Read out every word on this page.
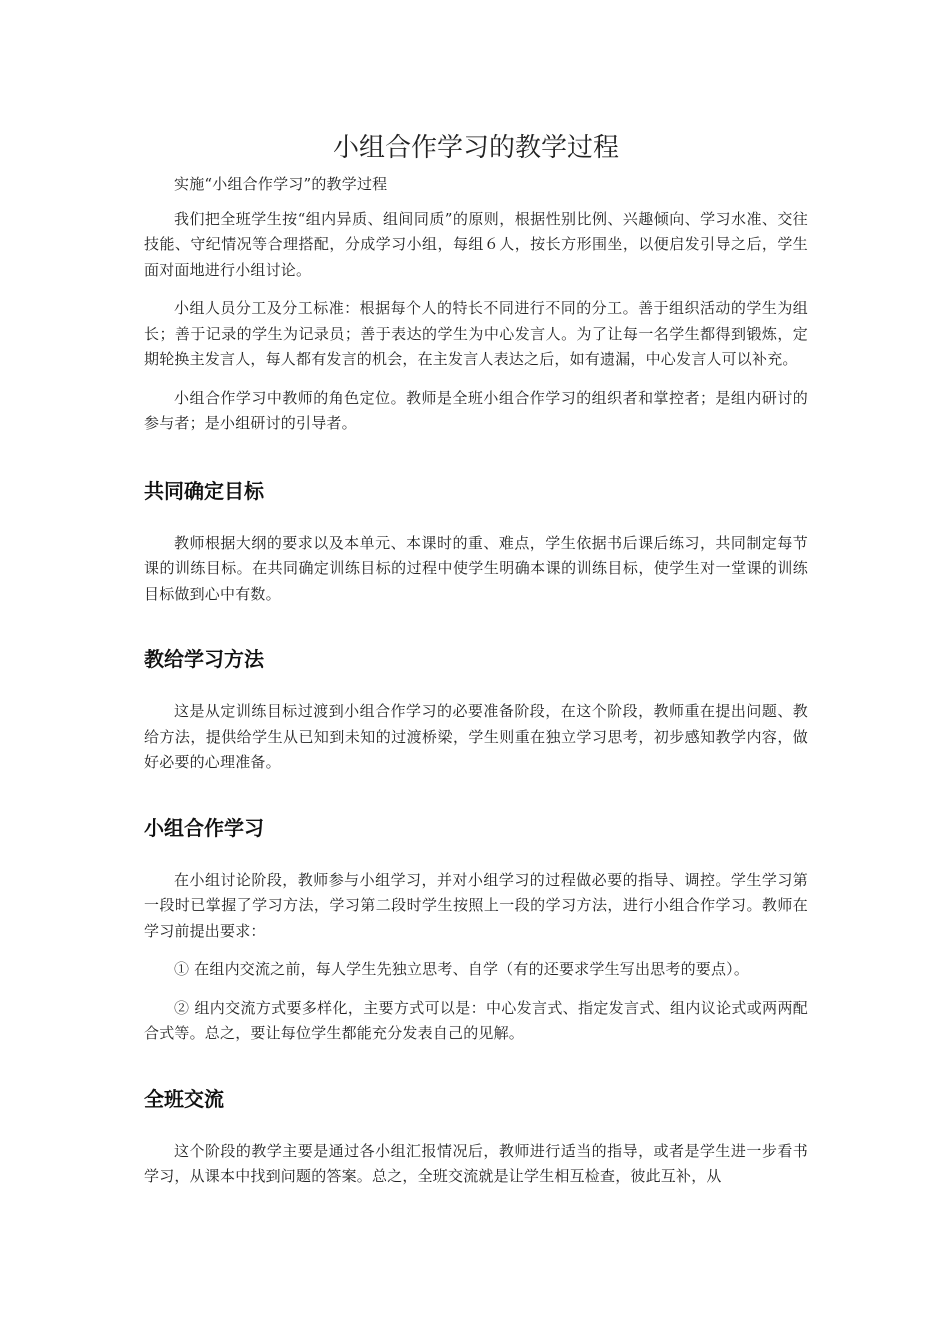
小组合作学习的教学过程

实施“小组合作学习”的教学过程

我们把全班学生按“组内异质、组间同质”的原则，根据性别比例、兴趣倾向、学习水准、交往技能、守纪情况等合理搭配，分成学习小组，每组６人，按长方形围坐，以便启发引导之后，学生面对面地进行小组讨论。

小组人员分工及分工标准：根据每个人的特长不同进行不同的分工。善于组织活动的学生为组长；善于记录的学生为记录员；善于表达的学生为中心发言人。为了让每一名学生都得到锻炼，定期轮换主发言人，每人都有发言的机会，在主发言人表达之后，如有遗漏，中心发言人可以补充。

小组合作学习中教师的角色定位。教师是全班小组合作学习的组织者和掌控者；是组内研讨的参与者；是小组研讨的引导者。

共同确定目标

教师根据大纲的要求以及本单元、本课时的重、难点，学生依据书后课后练习，共同制定每节课的训练目标。在共同确定训练目标的过程中使学生明确本课的训练目标，使学生对一堂课的训练目标做到心中有数。

教给学习方法

这是从定训练目标过渡到小组合作学习的必要准备阶段，在这个阶段，教师重在提出问题、教给方法，提供给学生从已知到未知的过渡桥梁，学生则重在独立学习思考，初步感知教学内容，做好必要的心理准备。

小组合作学习

在小组讨论阶段，教师参与小组学习，并对小组学习的过程做必要的指导、调控。学生学习第一段时已掌握了学习方法，学习第二段时学生按照上一段的学习方法，进行小组合作学习。教师在学习前提出要求：

① 在组内交流之前，每人学生先独立思考、自学（有的还要求学生写出思考的要点）。

② 组内交流方式要多样化，主要方式可以是：中心发言式、指定发言式、组内议论式或两两配合式等。总之，要让每位学生都能充分发表自己的见解。

全班交流

这个阶段的教学主要是通过各小组汇报情况后，教师进行适当的指导，或者是学生进一步看书学习，从课本中找到问题的答案。总之，全班交流就是让学生相互检查，彼此互补，从
